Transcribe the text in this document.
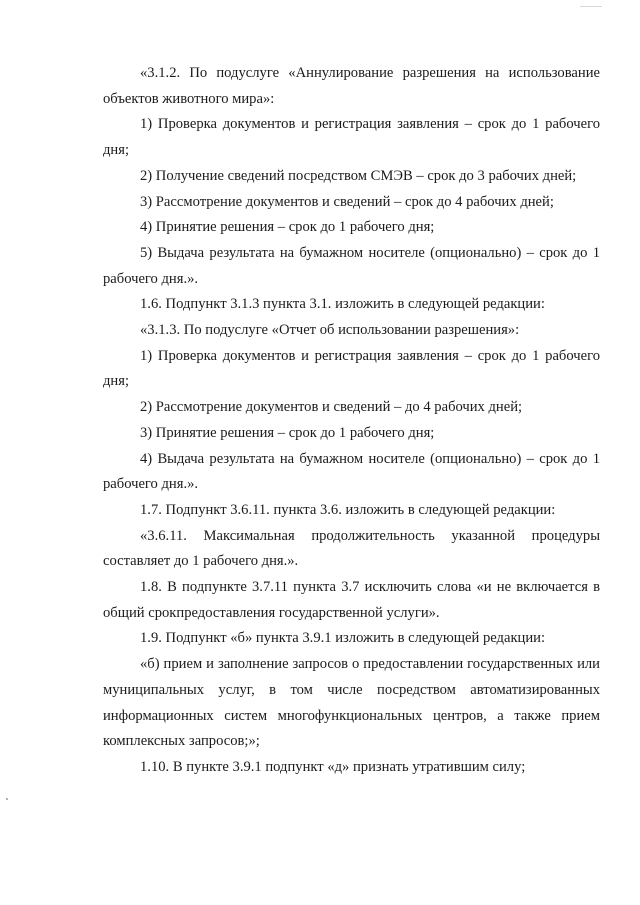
«3.1.2. По подуслуге «Аннулирование разрешения на использование объектов животного мира»:

1) Проверка документов и регистрация заявления – срок до 1 рабочего дня;

2) Получение сведений посредством СМЭВ – срок до 3 рабочих дней;

3) Рассмотрение документов и сведений – срок до 4 рабочих дней;

4) Принятие решения – срок до 1 рабочего дня;

5) Выдача результата на бумажном носителе (опционально) – срок до 1 рабочего дня.».

1.6. Подпункт 3.1.3 пункта 3.1. изложить в следующей редакции:

«3.1.3. По подуслуге «Отчет об использовании разрешения»:

1) Проверка документов и регистрация заявления – срок до 1 рабочего дня;

2) Рассмотрение документов и сведений – до 4 рабочих дней;

3) Принятие решения – срок до 1 рабочего дня;

4) Выдача результата на бумажном носителе (опционально) – срок до 1 рабочего дня.».

1.7. Подпункт 3.6.11. пункта 3.6. изложить в следующей редакции:

«3.6.11. Максимальная продолжительность указанной процедуры составляет до 1 рабочего дня.».

1.8. В подпункте 3.7.11 пункта 3.7 исключить слова «и не включается в общий срокпредоставления государственной услуги».

1.9. Подпункт «б» пункта 3.9.1 изложить в следующей редакции:

«б) прием и заполнение запросов о предоставлении государственных или муниципальных услуг, в том числе посредством автоматизированных информационных систем многофункциональных центров, а также прием комплексных запросов;»;

1.10. В пункте 3.9.1 подпункт «д» признать утратившим силу;
